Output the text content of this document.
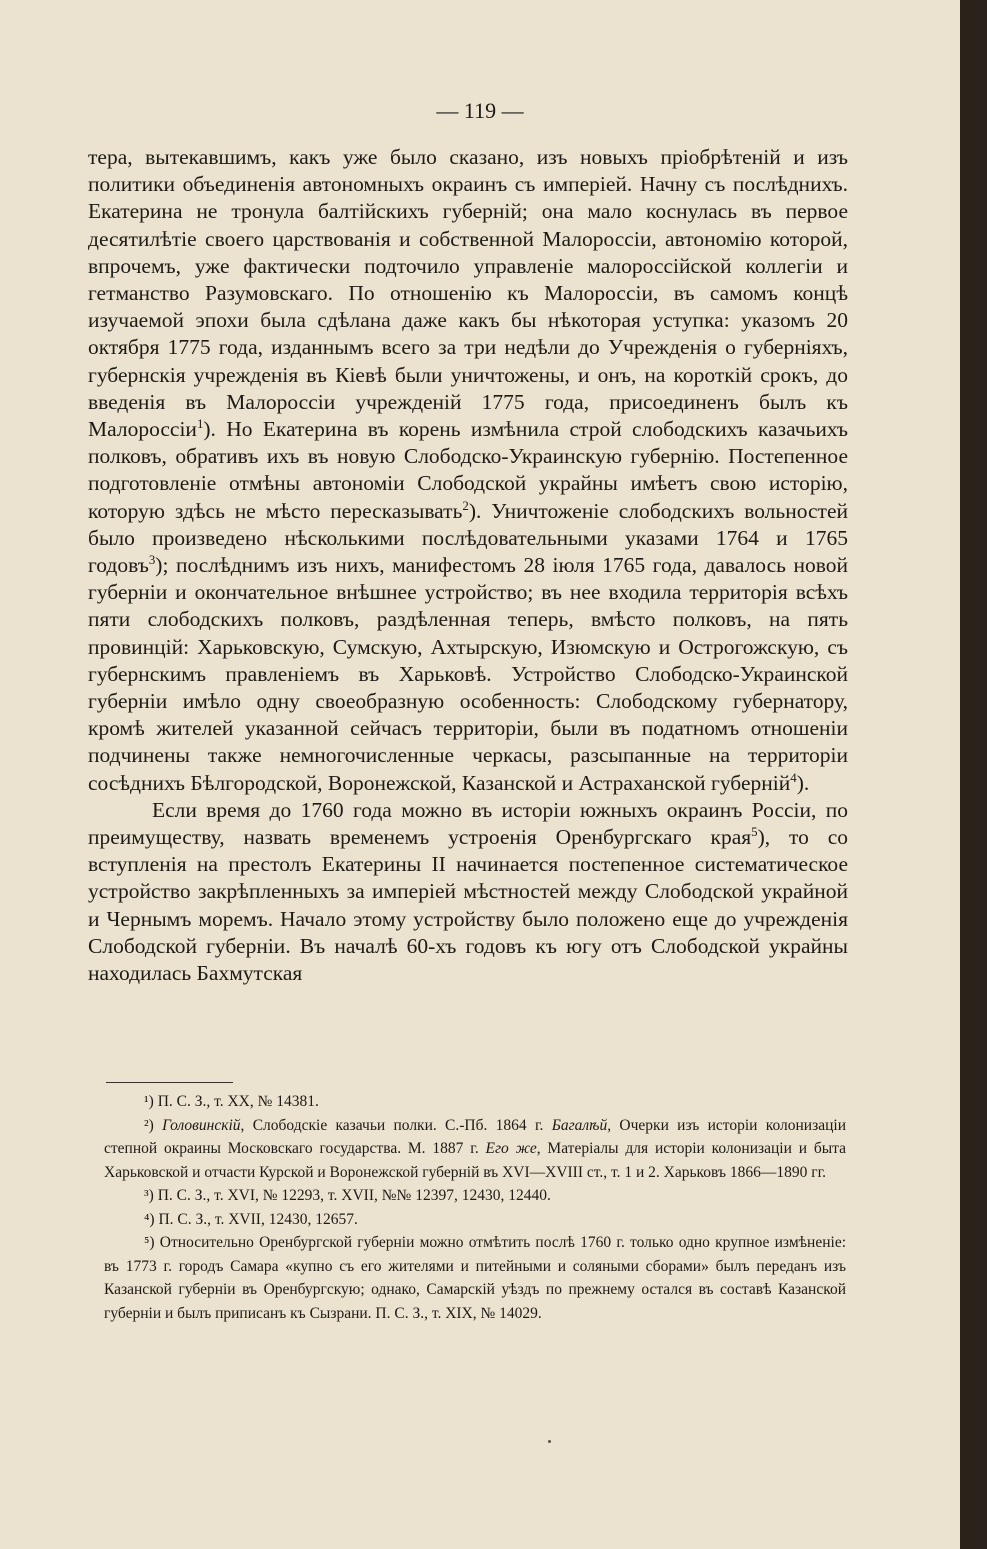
— 119 —

тера, вытекавшимъ, какъ уже было сказано, изъ новыхъ пріобрѣтеній и изъ политики объединенія автономныхъ окраинъ съ имперіей. Начну съ послѣднихъ. Екатерина не тронула балтійскихъ губерній; она мало коснулась въ первое десятилѣтіе своего царствованія и собственной Малороссіи, автономію которой, впрочемъ, уже фактически подточило управленіе малороссійской коллегіи и гетманство Разумовскаго. По отношенію къ Малороссіи, въ самомъ концѣ изучаемой эпохи была сдѣлана даже какъ бы нѣкоторая уступка: указомъ 20 октября 1775 года, изданнымъ всего за три недѣли до Учрежденія о губерніяхъ, губернскія учрежденія въ Кіевѣ были уничтожены, и онъ, на короткій срокъ, до введенія въ Малороссіи учрежденій 1775 года, присоединенъ былъ къ Малороссіи$^1$). Но Екатерина въ корень измѣнила строй слободскихъ казачьихъ полковъ, обративъ ихъ въ новую Слободско-Украинскую губернію. Постепенное подготовленіе отмѣны автономіи Слободской украйны имѣетъ свою исторію, которую здѣсь не мѣсто пересказывать$^2$). Уничтоженіе слободскихъ вольностей было произведено нѣсколькими послѣдовательными указами 1764 и 1765 годовъ$^3$); послѣднимъ изъ нихъ, манифестомъ 28 іюля 1765 года, давалось новой губерніи и окончательное внѣшнее устройство; въ нее входила территорія всѣхъ пяти слободскихъ полковъ, раздѣленная теперь, вмѣсто полковъ, на пять провинцій: Харьковскую, Сумскую, Ахтырскую, Изюмскую и Острогожскую, съ губернскимъ правленіемъ въ Харьковѣ. Устройство Слободско-Украинской губерніи имѣло одну своеобразную особенность: Слободскому губернатору, кромѣ жителей указанной сейчасъ территоріи, были въ податномъ отношеніи подчинены также немногочисленные черкасы, разсыпанные на территоріи сосѣднихъ Бѣлгородской, Воронежской, Казанской и Астраханской губерній$^4$).

Если время до 1760 года можно въ исторіи южныхъ окраинъ Россіи, по преимуществу, назвать временемъ устроенія Оренбургскаго края$^5$), то со вступленія на престолъ Екатерины II начинается постепенное систематическое устройство закрѣпленныхъ за имперіей мѣстностей между Слободской украйной и Чернымъ моремъ. Начало этому устройству было положено еще до учрежденія Слободской губерніи. Въ началѣ 60-хъ годовъ къ югу отъ Слободской украйны находилась Бахмутская

¹) П. С. З., т. XX, № 14381.

²) Головинскій, Слободскіе казачьи полки. С.-Пб. 1864 г. Багалѣй, Очерки изъ исторіи колонизаціи степной окраины Московскаго государства. М. 1887 г. Его же, Матеріалы для исторіи колонизаціи и быта Харьковской и отчасти Курской и Воронежской губерній въ XVI—XVIII ст., т. 1 и 2. Харьковъ 1866—1890 гг.

³) П. С. З., т. XVI, № 12293, т. XVII, №№ 12397, 12430, 12440.

⁴) П. С. З., т. XVII, 12430, 12657.

⁵) Относительно Оренбургской губерніи можно отмѣтить послѣ 1760 г. только одно крупное измѣненіе: въ 1773 г. городъ Самара «купно съ его жителями и питейными и соляными сборами» былъ переданъ изъ Казанской губерніи въ Оренбургскую; однако, Самарскій уѣздъ по прежнему остался въ составѣ Казанской губерніи и былъ приписанъ къ Сызрани. П. С. З., т. XIX, № 14029.
